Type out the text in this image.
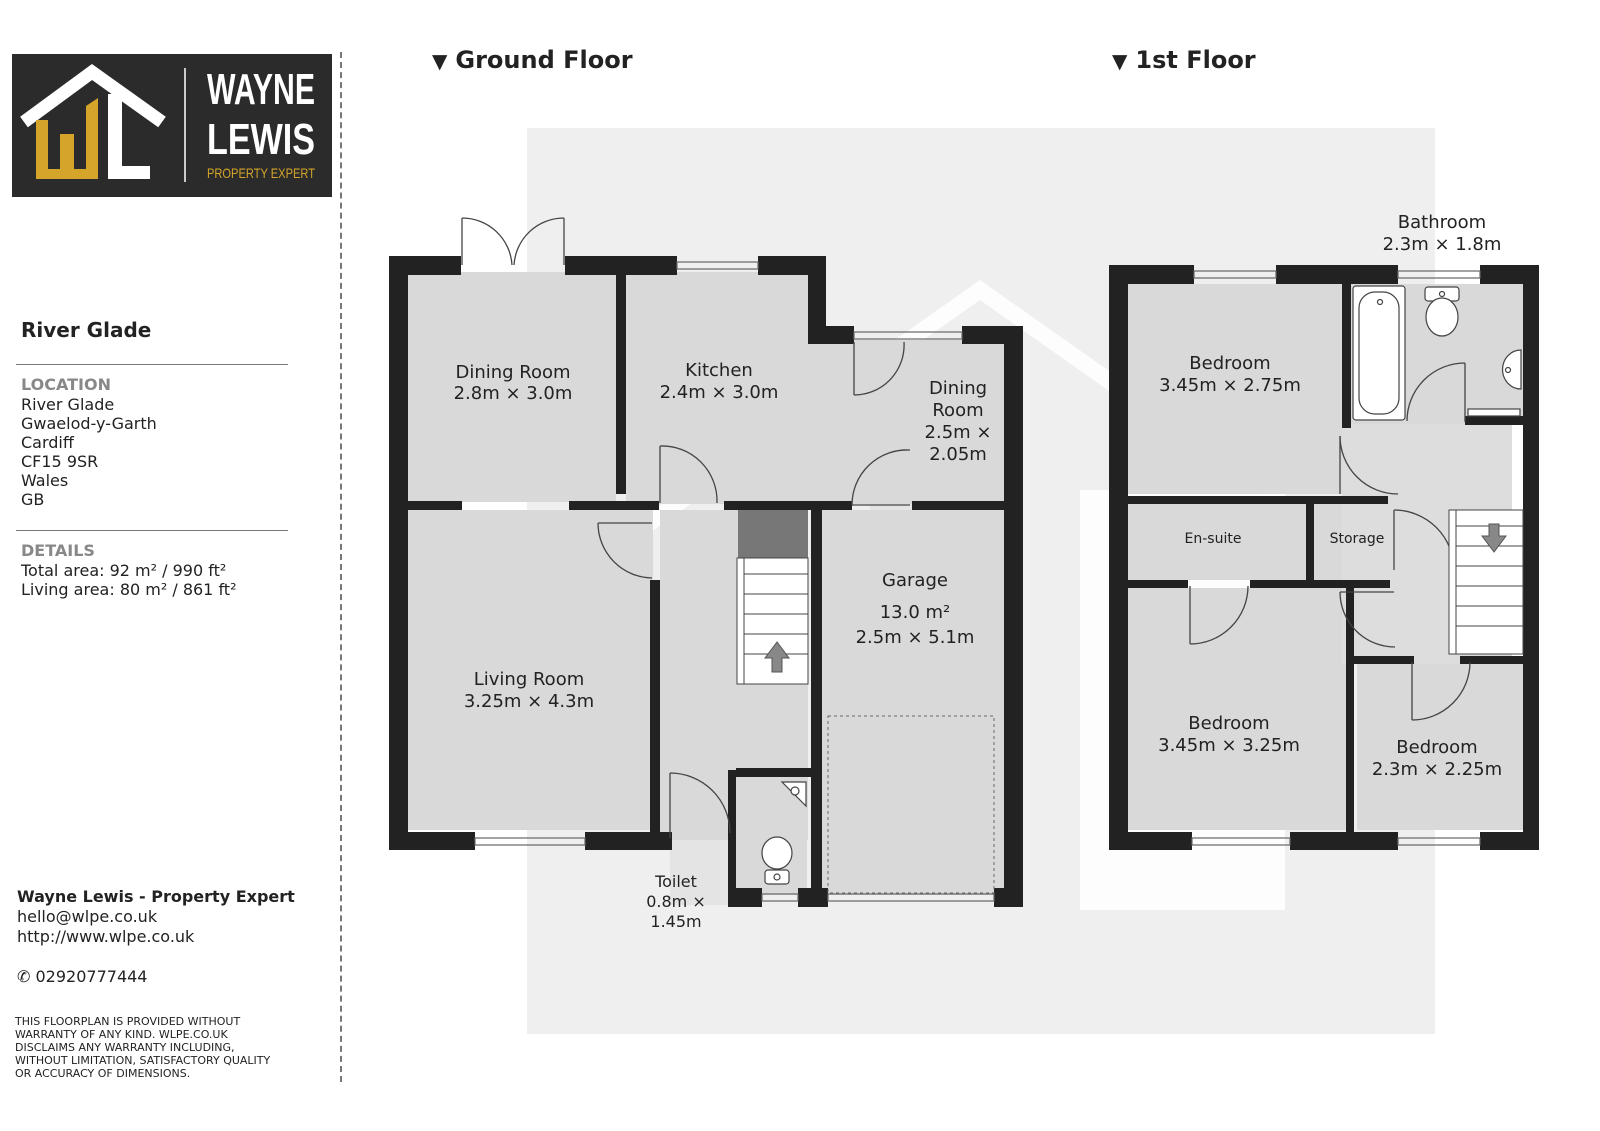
WAYNE
LEWIS
PROPERTY EXPERT
River Glade
LOCATION
River Glade
Gwaelod-y-Garth
Cardiff
CF15 9SR
Wales
GB
DETAILS
Total area: 92 m² / 990 ft²
Living area: 80 m² / 861 ft²
Wayne Lewis - Property Expert
hello@wlpe.co.uk
http://www.wlpe.co.uk
✆ 02920777444
THIS FLOORPLAN IS PROVIDED WITHOUT WARRANTY OF ANY KIND. WLPE.CO.UK DISCLAIMS ANY WARRANTY INCLUDING, WITHOUT LIMITATION, SATISFACTORY QUALITY OR ACCURACY OF DIMENSIONS.
▼ Ground Floor	▼ 1st Floor
Dining Room
2.8m × 3.0m
Kitchen
2.4m × 3.0m	Dining
Room
2.5m ×
2.05m
Garage
13.0 m²
2.5m × 5.1m
Living Room
3.25m × 4.3m
Toilet
0.8m ×
1.45m
Bathroom
2.3m × 1.8m
Bedroom
3.45m × 2.75m
En-suite	Storage
Bedroom
3.45m × 3.25m	Bedroom
2.3m × 2.25m
